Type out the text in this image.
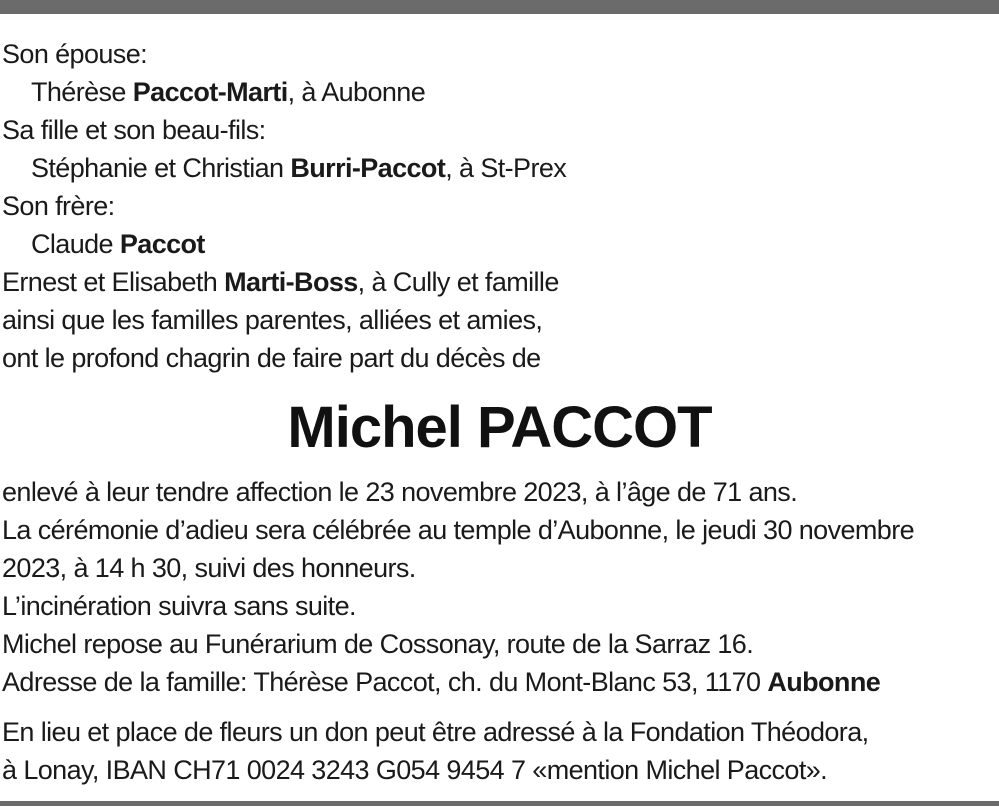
Son épouse:
Thérèse Paccot-Marti, à Aubonne
Sa fille et son beau-fils:
Stéphanie et Christian Burri-Paccot, à St-Prex
Son frère:
Claude Paccot
Ernest et Elisabeth Marti-Boss, à Cully et famille
ainsi que les familles parentes, alliées et amies,
ont le profond chagrin de faire part du décès de
Michel PACCOT
enlevé à leur tendre affection le 23 novembre 2023, à l’âge de 71 ans.
La cérémonie d’adieu sera célébrée au temple d’Aubonne, le jeudi 30 novembre
2023, à 14 h 30, suivi des honneurs.
L’incinération suivra sans suite.
Michel repose au Funérarium de Cossonay, route de la Sarraz 16.
Adresse de la famille: Thérèse Paccot, ch. du Mont-Blanc 53, 1170 Aubonne
En lieu et place de fleurs un don peut être adressé à la Fondation Théodora,
à Lonay, IBAN CH71 0024 3243 G054 9454 7 «mention Michel Paccot».
